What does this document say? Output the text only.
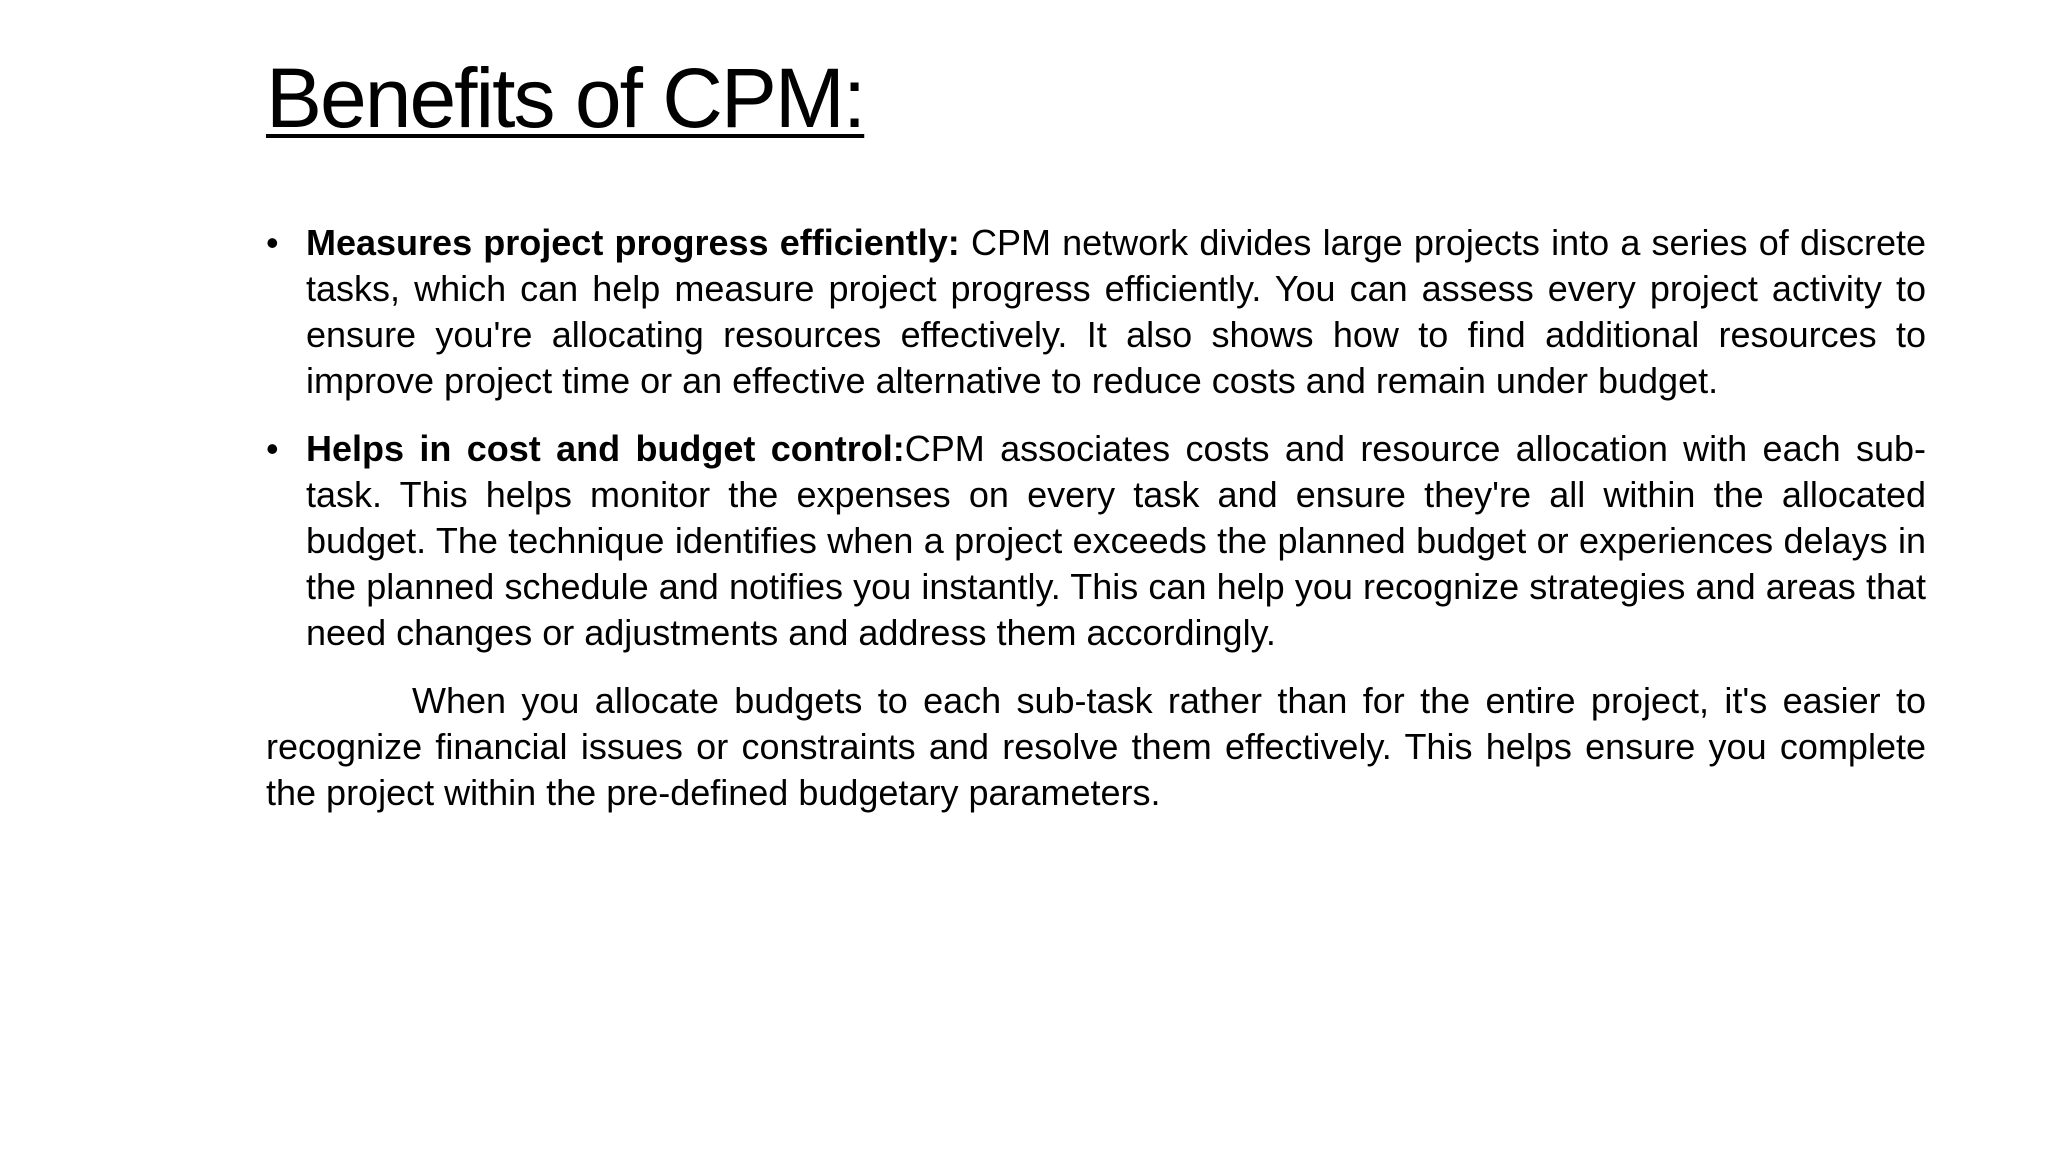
Benefits of CPM:
• Measures project progress efficiently: CPM network divides large projects into a series of discrete tasks, which can help measure project progress efficiently. You can assess every project activity to ensure you're allocating resources effectively. It also shows how to find additional resources to improve project time or an effective alternative to reduce costs and remain under budget.
• Helps in cost and budget control:CPM associates costs and resource allocation with each sub-task. This helps monitor the expenses on every task and ensure they're all within the allocated budget. The technique identifies when a project exceeds the planned budget or experiences delays in the planned schedule and notifies you instantly. This can help you recognize strategies and areas that need changes or adjustments and address them accordingly.

When you allocate budgets to each sub-task rather than for the entire project, it's easier to recognize financial issues or constraints and resolve them effectively. This helps ensure you complete the project within the pre-defined budgetary parameters.
